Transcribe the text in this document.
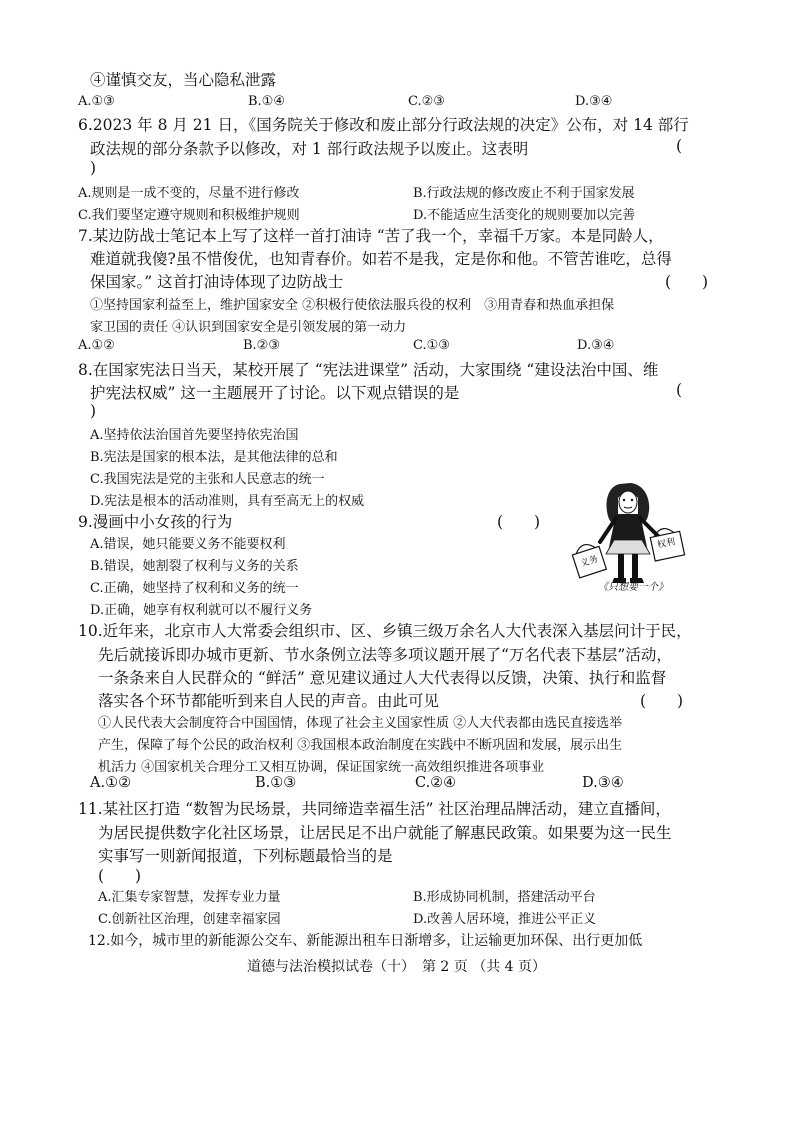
④谨慎交友，当心隐私泄露
A.①③	B.①④	C.②③	D.③④
6.2023 年 8 月 21 日，《国务院关于修改和废止部分行政法规的决定》公布，对 14 部行
政法规的部分条款予以修改，对 1 部行政法规予以废止。这表明	(
)
A.规则是一成不变的，尽量不进行修改	B.行政法规的修改废止不利于国家发展
C.我们要坚定遵守规则和积极维护规则	D.不能适应生活变化的规则要加以完善
7.某边防战士笔记本上写了这样一首打油诗 “苦了我一个，幸福千万家。本是同龄人，
难道就我傻?虽不惜俊优，也知青春价。如若不是我，定是你和他。不管苦谁吃，总得
保国家。” 这首打油诗体现了边防战士	(　　)
①坚持国家利益至上，维护国家安全 ②积极行使依法服兵役的权利　③用青春和热血承担保
家卫国的责任 ④认识到国家安全是引领发展的第一动力
A.①②	B.②③	C.①③	D.③④
8.在国家宪法日当天，某校开展了 “宪法进课堂” 活动，大家围绕 “建设法治中国、维
护宪法权威” 这一主题展开了讨论。以下观点错误的是	(
)
A.坚持依法治国首先要坚持依宪治国
B.宪法是国家的根本法，是其他法律的总和
C.我国宪法是党的主张和人民意志的统一
D.宪法是根本的活动准则，具有至高无上的权威
9.漫画中小女孩的行为	(　　)
A.错误，她只能要义务不能要权利
B.错误，她割裂了权利与义务的关系
C.正确，她坚持了权利和义务的统一
D.正确，她享有权利就可以不履行义务
义务
权利
《只想要一个》
10.近年来，北京市人大常委会组织市、区、乡镇三级万余名人大代表深入基层问计于民，
先后就接诉即办城市更新、节水条例立法等多项议题开展了“万名代表下基层”活动，
一条条来自人民群众的 “鲜活” 意见建议通过人大代表得以反馈，决策、执行和监督
落实各个环节都能听到来自人民的声音。由此可见	(　　)
①人民代表大会制度符合中国国情，体现了社会主义国家性质 ②人大代表都由选民直接选举
产生，保障了每个公民的政治权利 ③我国根本政治制度在实践中不断巩固和发展，展示出生
机活力 ④国家机关合理分工又相互协调，保证国家统一高效组织推进各项事业
A.①②	B.①③	C.②④	D.③④
11.某社区打造 “数智为民场景，共同缔造幸福生活” 社区治理品牌活动，建立直播间，
为居民提供数字化社区场景，让居民足不出户就能了解惠民政策。如果要为这一民生
实事写一则新闻报道，下列标题最恰当的是
(　　)
A.汇集专家智慧，发挥专业力量	B.形成协同机制，搭建活动平台
C.创新社区治理，创建幸福家园	D.改善人居环境，推进公平正义
12.如今，城市里的新能源公交车、新能源出租车日渐增多，让运输更加环保、出行更加低
道德与法治模拟试卷（十）　第 2 页 （共 4 页）
